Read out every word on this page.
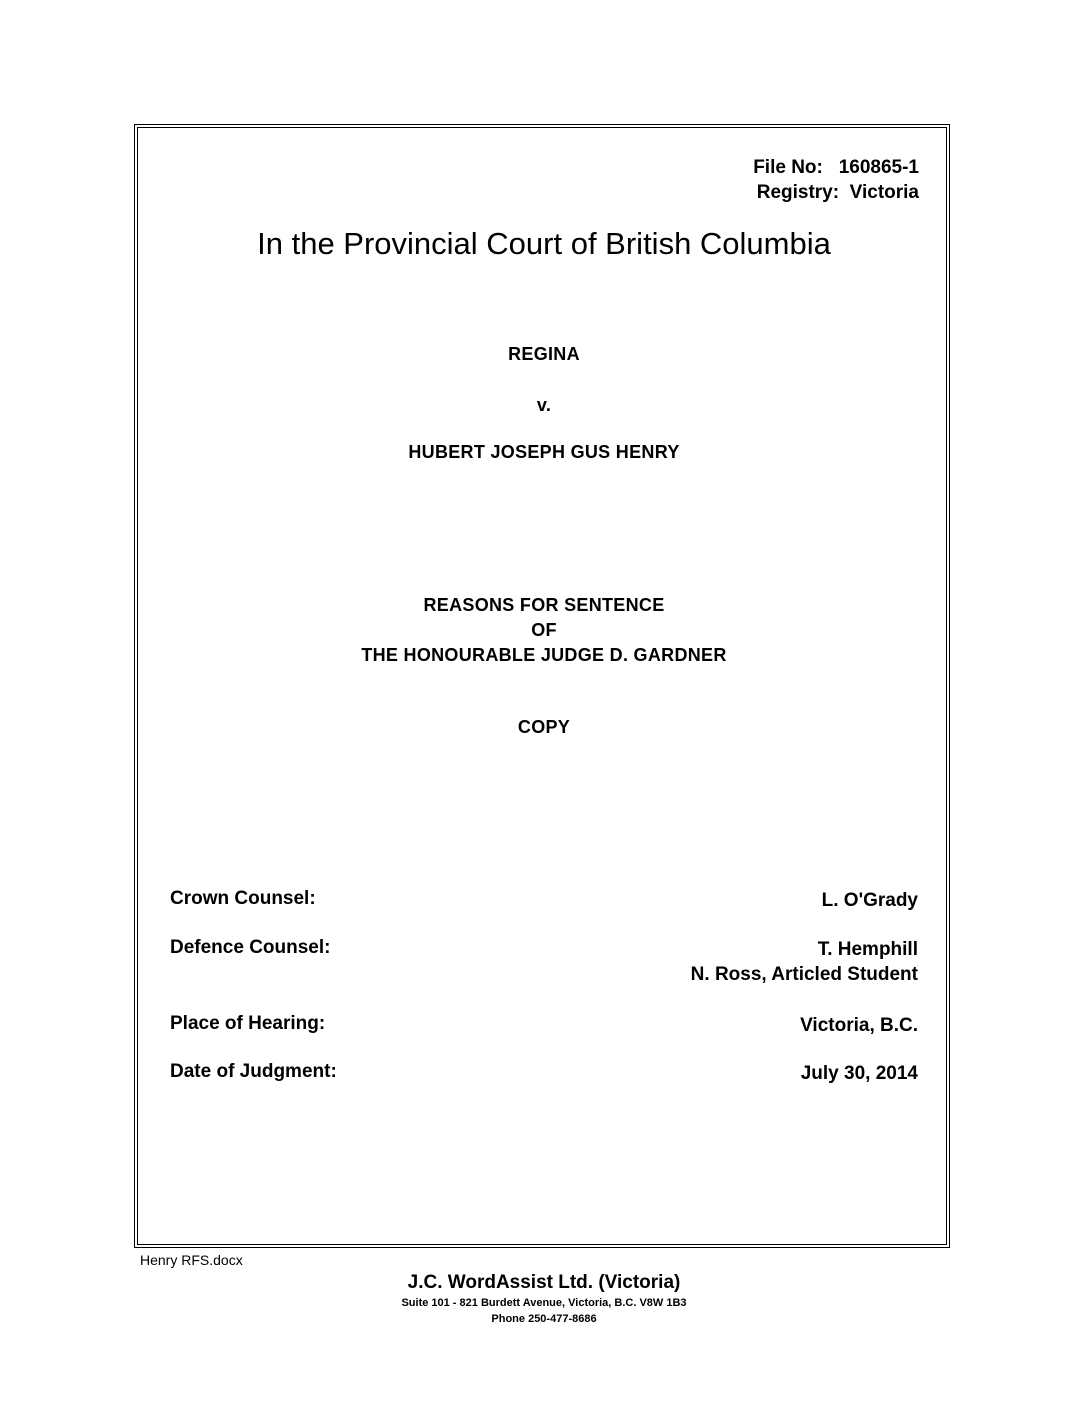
File No: 160865-1
Registry: Victoria
In the Provincial Court of British Columbia
REGINA
v.
HUBERT JOSEPH GUS HENRY
REASONS FOR SENTENCE
OF
THE HONOURABLE JUDGE D. GARDNER
COPY
Crown Counsel:	L. O'Grady
Defence Counsel:	T. Hemphill
N. Ross, Articled Student
Place of Hearing:	Victoria, B.C.
Date of Judgment:	July 30, 2014
Henry RFS.docx
J.C. WordAssist Ltd. (Victoria)
Suite 101 - 821 Burdett Avenue, Victoria, B.C. V8W 1B3
Phone 250-477-8686
